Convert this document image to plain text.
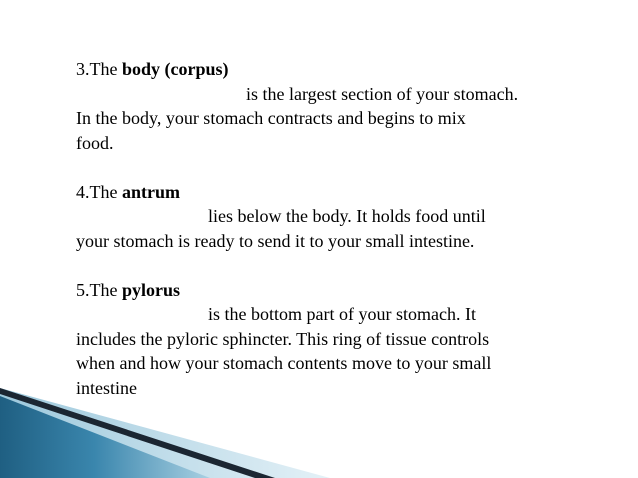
3.The body (corpus)
is the largest section of your stomach.
In the body, your stomach contracts and begins to mix
food.
4.The antrum
lies below the body. It holds food until
your stomach is ready to send it to your small intestine.
5.The pylorus
is the bottom part of your stomach. It
includes the pyloric sphincter. This ring of tissue controls
when and how your stomach contents move to your small
intestine
